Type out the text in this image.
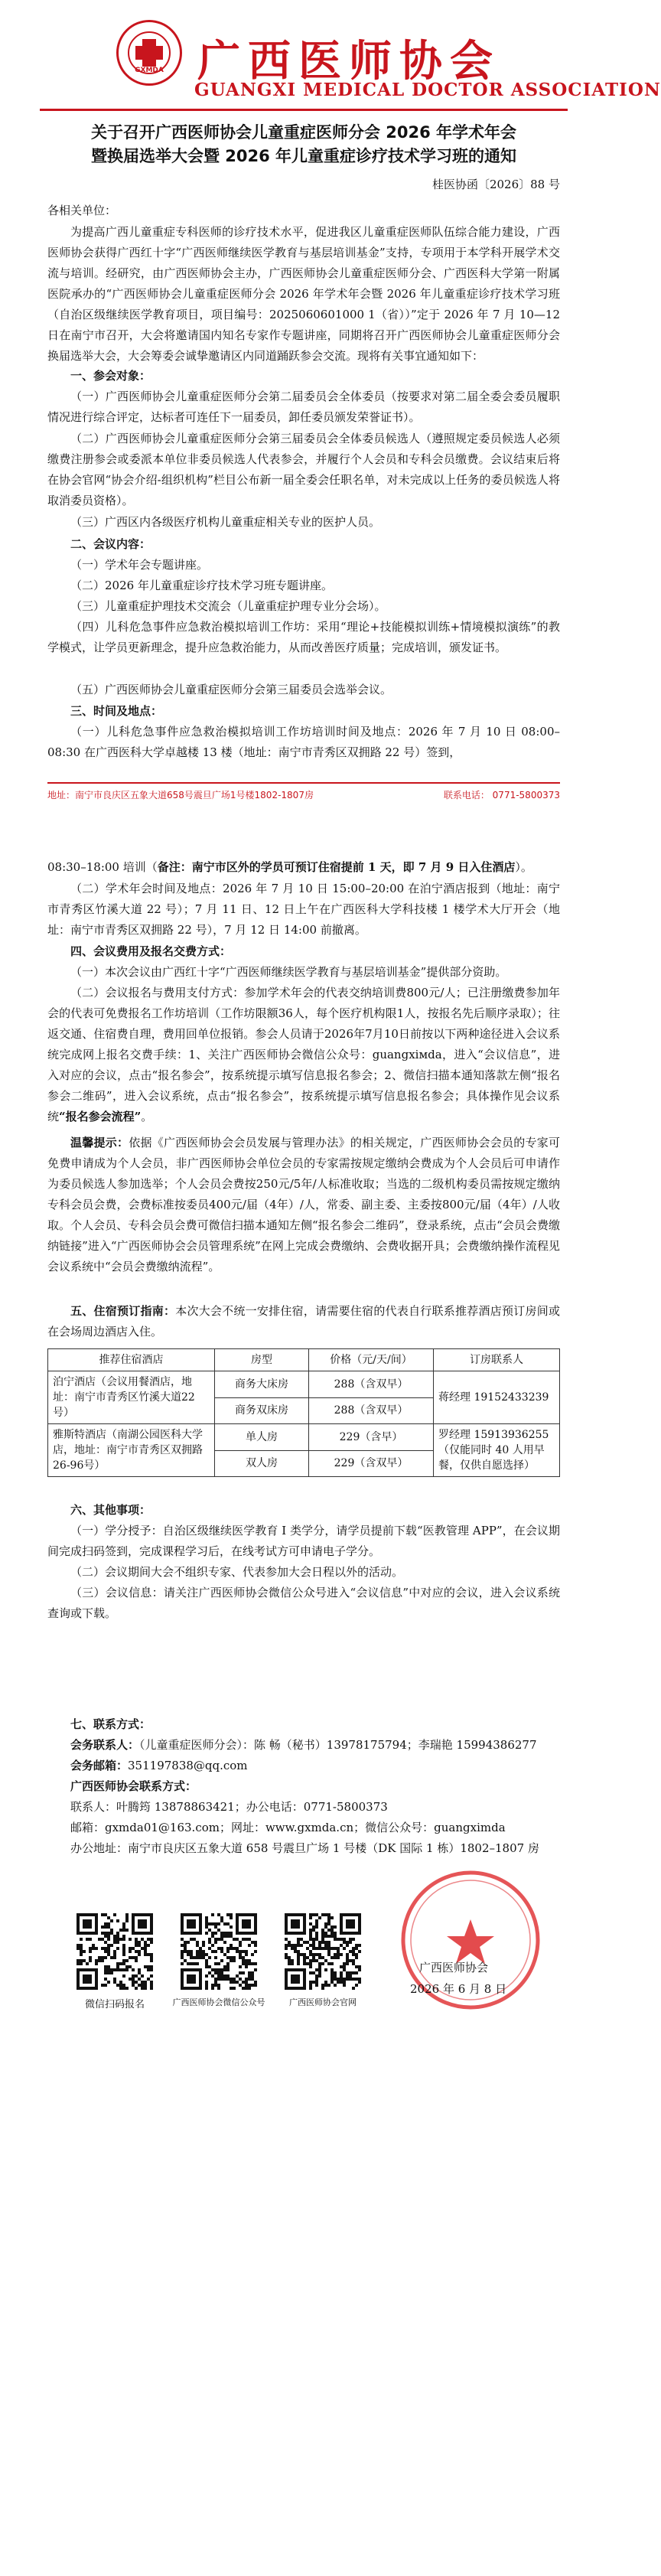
GXMDA 广西医师协会
GUANGXI MEDICAL DOCTOR ASSOCIATION
关于召开广西医师协会儿童重症医师分会 2026 年学术年会
暨换届选举大会暨 2026 年儿童重症诊疗技术学习班的通知
桂医协函〔2026〕88 号
各相关单位：
为提高广西儿童重症专科医师的诊疗技术水平，促进我区儿童重症医师队伍综合能力建设，广西医师协会获得广西红十字“广西医师继续医学教育与基层培训基金”支持，专项用于本学科开展学术交流与培训。经研究，由广西医师协会主办，广西医师协会儿童重症医师分会、广西医科大学第一附属医院承办的“广西医师协会儿童重症医师分会 2026 年学术年会暨 2026 年儿童重症诊疗技术学习班（自治区级继续医学教育项目，项目编号：2025060601000 1（省））”定于 2026 年 7 月 10—12 日在南宁市召开，大会将邀请国内知名专家作专题讲座，同期将召开广西医师协会儿童重症医师分会换届选举大会，大会筹委会诚挚邀请区内同道踊跃参会交流。现将有关事宜通知如下：
一、参会对象：
（一）广西医师协会儿童重症医师分会第二届委员会全体委员（按要求对第二届全委会委员履职情况进行综合评定，达标者可连任下一届委员，卸任委员颁发荣誉证书）。
（二）广西医师协会儿童重症医师分会第三届委员会全体委员候选人（遵照规定委员候选人必须缴费注册参会或委派本单位非委员候选人代表参会，并履行个人会员和专科会员缴费。会议结束后将在协会官网“协会介绍-组织机构”栏目公布新一届全委会任职名单，对未完成以上任务的委员候选人将取消委员资格）。
（三）广西区内各级医疗机构儿童重症相关专业的医护人员。
二、会议内容：
（一）学术年会专题讲座。
（二）2026 年儿童重症诊疗技术学习班专题讲座。
（三）儿童重症护理技术交流会（儿童重症护理专业分会场）。
（四）儿科危急事件应急救治模拟培训工作坊：采用“理论+技能模拟训练+情境模拟演练”的教学模式，让学员更新理念，提升应急救治能力，从而改善医疗质量；完成培训，颁发证书。
（五）广西医师协会儿童重症医师分会第三届委员会选举会议。
三、时间及地点：
（一）儿科危急事件应急救治模拟培训工作坊培训时间及地点：2026 年 7 月 10 日 08:00–08:30 在广西医科大学卓越楼 13 楼（地址：南宁市青秀区双拥路 22 号）签到，
地址：南宁市良庆区五象大道658号震旦广场1号楼1802-1807房	联系电话： 0771-5800373
08:30–18:00 培训（备注：南宁市区外的学员可预订住宿提前 1 天，即 7 月 9 日入住酒店）。
（二）学术年会时间及地点：2026 年 7 月 10 日 15:00–20:00 在泊宁酒店报到（地址：南宁市青秀区竹溪大道 22 号）；7 月 11 日、12 日上午在广西医科大学科技楼 1 楼学术大厅开会（地址：南宁市青秀区双拥路 22 号），7 月 12 日 14:00 前撤离。
四、会议费用及报名交费方式：
（一）本次会议由广西红十字“广西医师继续医学教育与基层培训基金”提供部分资助。
（二）会议报名与费用支付方式：参加学术年会的代表交纳培训费800元/人；已注册缴费参加年会的代表可免费报名工作坊培训（工作坊限额36人，每个医疗机构限1人，按报名先后顺序录取）；往返交通、住宿费自理，费用回单位报销。参会人员请于2026年7月10日前按以下两种途径进入会议系统完成网上报名交费手续：1、关注广西医师协会微信公众号：guangxiмda，进入“会议信息”，进入对应的会议，点击“报名参会”，按系统提示填写信息报名参会；2、微信扫描本通知落款左侧“报名参会二维码”，进入会议系统，点击“报名参会”，按系统提示填写信息报名参会；具体操作见会议系统“报名参会流程”。
温馨提示：依据《广西医师协会会员发展与管理办法》的相关规定，广西医师协会会员的专家可免费申请成为个人会员，非广西医师协会单位会员的专家需按规定缴纳会费成为个人会员后可申请作为委员候选人参加选举；个人会员会费按250元/5年/人标准收取；当选的二级机构委员需按规定缴纳专科会员会费，会费标准按委员400元/届（4年）/人，常委、副主委、主委按800元/届（4年）/人收取。个人会员、专科会员会费可微信扫描本通知左侧“报名参会二维码”，登录系统，点击“会员会费缴纳链接”进入“广西医师协会会员管理系统”在网上完成会费缴纳、会费收据开具；会费缴纳操作流程见会议系统中“会员会费缴纳流程”。
五、住宿预订指南：本次大会不统一安排住宿，请需要住宿的代表自行联系推荐酒店预订房间或在会场周边酒店入住。
推荐住宿酒店	房型	价格（元/天/间）	订房联系人
泊宁酒店（会议用餐酒店，地址：南宁市青秀区竹溪大道22号）	商务大床房	288（含双早）	蒋经理 19152433239
	商务双床房	288（含双早）	
雅斯特酒店（南湖公园医科大学店，地址：南宁市青秀区双拥路26-96号）	单人房	229（含早）	罗经理 15913936255（仅能同时 40 人用早餐，仅供自愿选择）
	双人房	229（含双早）	
六、其他事项：
（一）学分授予：自治区级继续医学教育 I 类学分，请学员提前下载“医教管理 APP”，在会议期间完成扫码签到，完成课程学习后，在线考试方可申请电子学分。
（二）会议期间大会不组织专家、代表参加大会日程以外的活动。
（三）会议信息：请关注广西医师协会微信公众号进入“会议信息”中对应的会议，进入会议系统查询或下载。
七、联系方式：
会务联系人：（儿童重症医师分会）：陈 畅（秘书）13978175794；李瑞艳 15994386277
会务邮箱：351197838@qq.com
广西医师协会联系方式：
联系人：叶腾筠 13878863421；办公电话：0771-5800373
邮箱：gxmda01@163.com；网址：www.gxmda.cn；微信公众号：guangximda
办公地址：南宁市良庆区五象大道 658 号震旦广场 1 号楼（DK 国际 1 栋）1802–1807 房
微信扫码报名	广西医师协会微信公众号	广西医师协会官网
广西医师协会
2026 年 6 月 8 日
